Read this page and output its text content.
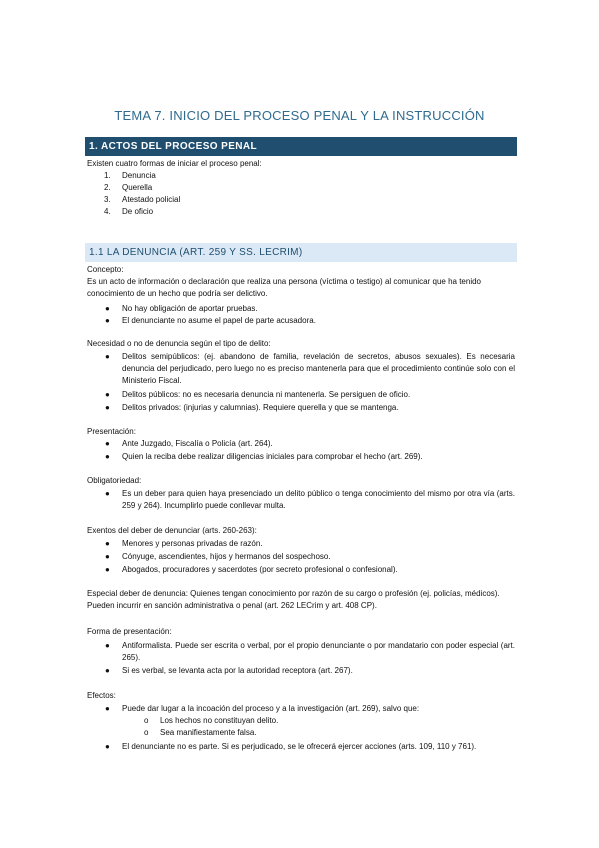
TEMA 7. INICIO DEL PROCESO PENAL Y LA INSTRUCCIÓN
1. ACTOS DEL PROCESO PENAL
Existen cuatro formas de iniciar el proceso penal:
1. Denuncia
2. Querella
3. Atestado policial
4. De oficio
1.1 LA DENUNCIA (ART. 259 Y SS. LECRIM)
Concepto:
Es un acto de información o declaración que realiza una persona (víctima o testigo) al comunicar que ha tenido conocimiento de un hecho que podría ser delictivo.
● No hay obligación de aportar pruebas.
● El denunciante no asume el papel de parte acusadora.
Necesidad o no de denuncia según el tipo de delito:
● Delitos semipúblicos: (ej. abandono de familia, revelación de secretos, abusos sexuales). Es necesaria denuncia del perjudicado, pero luego no es preciso mantenerla para que el procedimiento continúe solo con el Ministerio Fiscal.
● Delitos públicos: no es necesaria denuncia ni mantenerla. Se persiguen de oficio.
● Delitos privados: (injurias y calumnias). Requiere querella y que se mantenga.
Presentación:
● Ante Juzgado, Fiscalía o Policía (art. 264).
● Quien la reciba debe realizar diligencias iniciales para comprobar el hecho (art. 269).
Obligatoriedad:
● Es un deber para quien haya presenciado un delito público o tenga conocimiento del mismo por otra vía (arts. 259 y 264). Incumplirlo puede conllevar multa.
Exentos del deber de denunciar (arts. 260-263):
● Menores y personas privadas de razón.
● Cónyuge, ascendientes, hijos y hermanos del sospechoso.
● Abogados, procuradores y sacerdotes (por secreto profesional o confesional).
Especial deber de denuncia: Quienes tengan conocimiento por razón de su cargo o profesión (ej. policías, médicos). Pueden incurrir en sanción administrativa o penal (art. 262 LECrim y art. 408 CP).
Forma de presentación:
● Antiformalista. Puede ser escrita o verbal, por el propio denunciante o por mandatario con poder especial (art. 265).
● Si es verbal, se levanta acta por la autoridad receptora (art. 267).
Efectos:
● Puede dar lugar a la incoación del proceso y a la investigación (art. 269), salvo que:
o Los hechos no constituyan delito.
o Sea manifiestamente falsa.
● El denunciante no es parte. Si es perjudicado, se le ofrecerá ejercer acciones (arts. 109, 110 y 761).
